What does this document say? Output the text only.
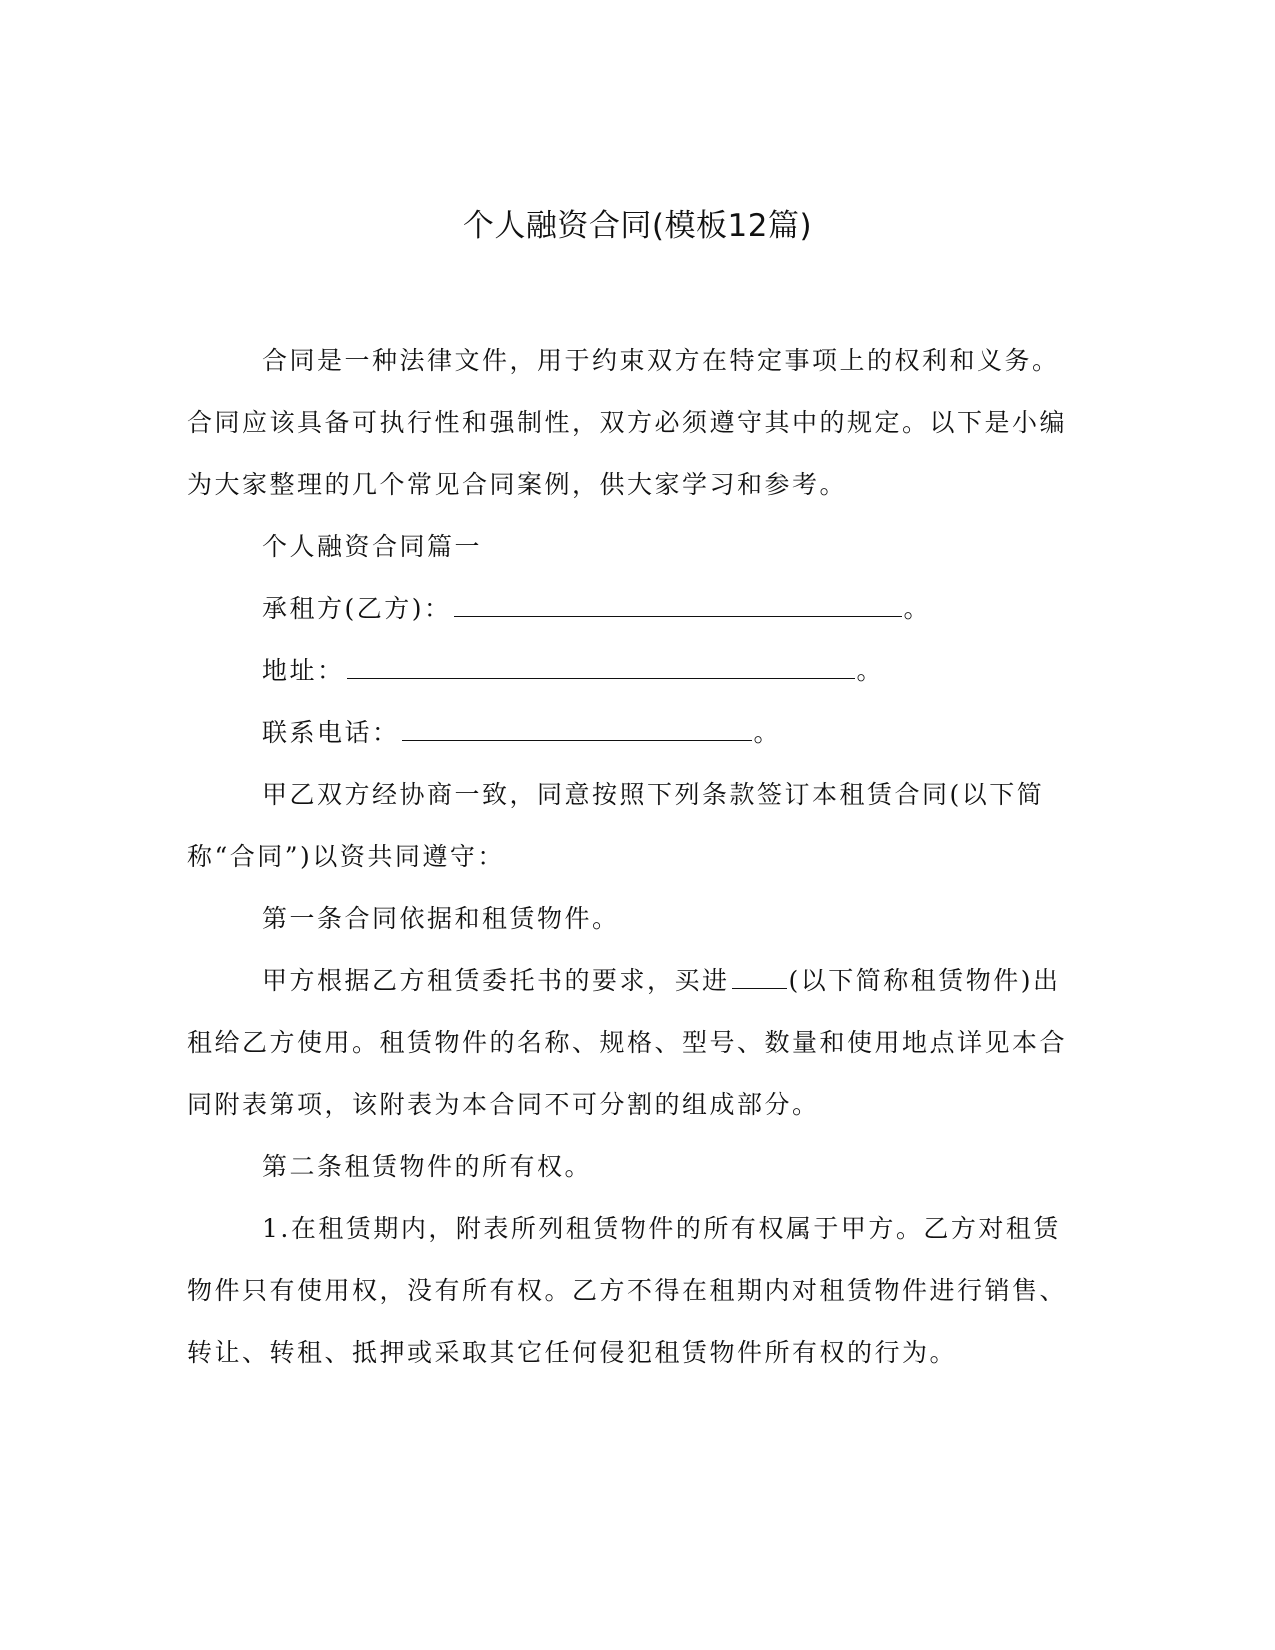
个人融资合同(模板12篇)

合同是一种法律文件，用于约束双方在特定事项上的权利和义务。合同应该具备可执行性和强制性，双方必须遵守其中的规定。以下是小编为大家整理的几个常见合同案例，供大家学习和参考。

个人融资合同篇一

承租方(乙方)：	。

地址：	。

联系电话：	。

甲乙双方经协商一致，同意按照下列条款签订本租赁合同(以下简称“合同”)以资共同遵守：

第一条合同依据和租赁物件。

甲方根据乙方租赁委托书的要求，买进 (以下简称租赁物件)出租给乙方使用。租赁物件的名称、规格、型号、数量和使用地点详见本合同附表第项，该附表为本合同不可分割的组成部分。

第二条租赁物件的所有权。

1.在租赁期内，附表所列租赁物件的所有权属于甲方。乙方对租赁物件只有使用权，没有所有权。乙方不得在租期内对租赁物件进行销售、转让、转租、抵押或采取其它任何侵犯租赁物件所有权的行为。
